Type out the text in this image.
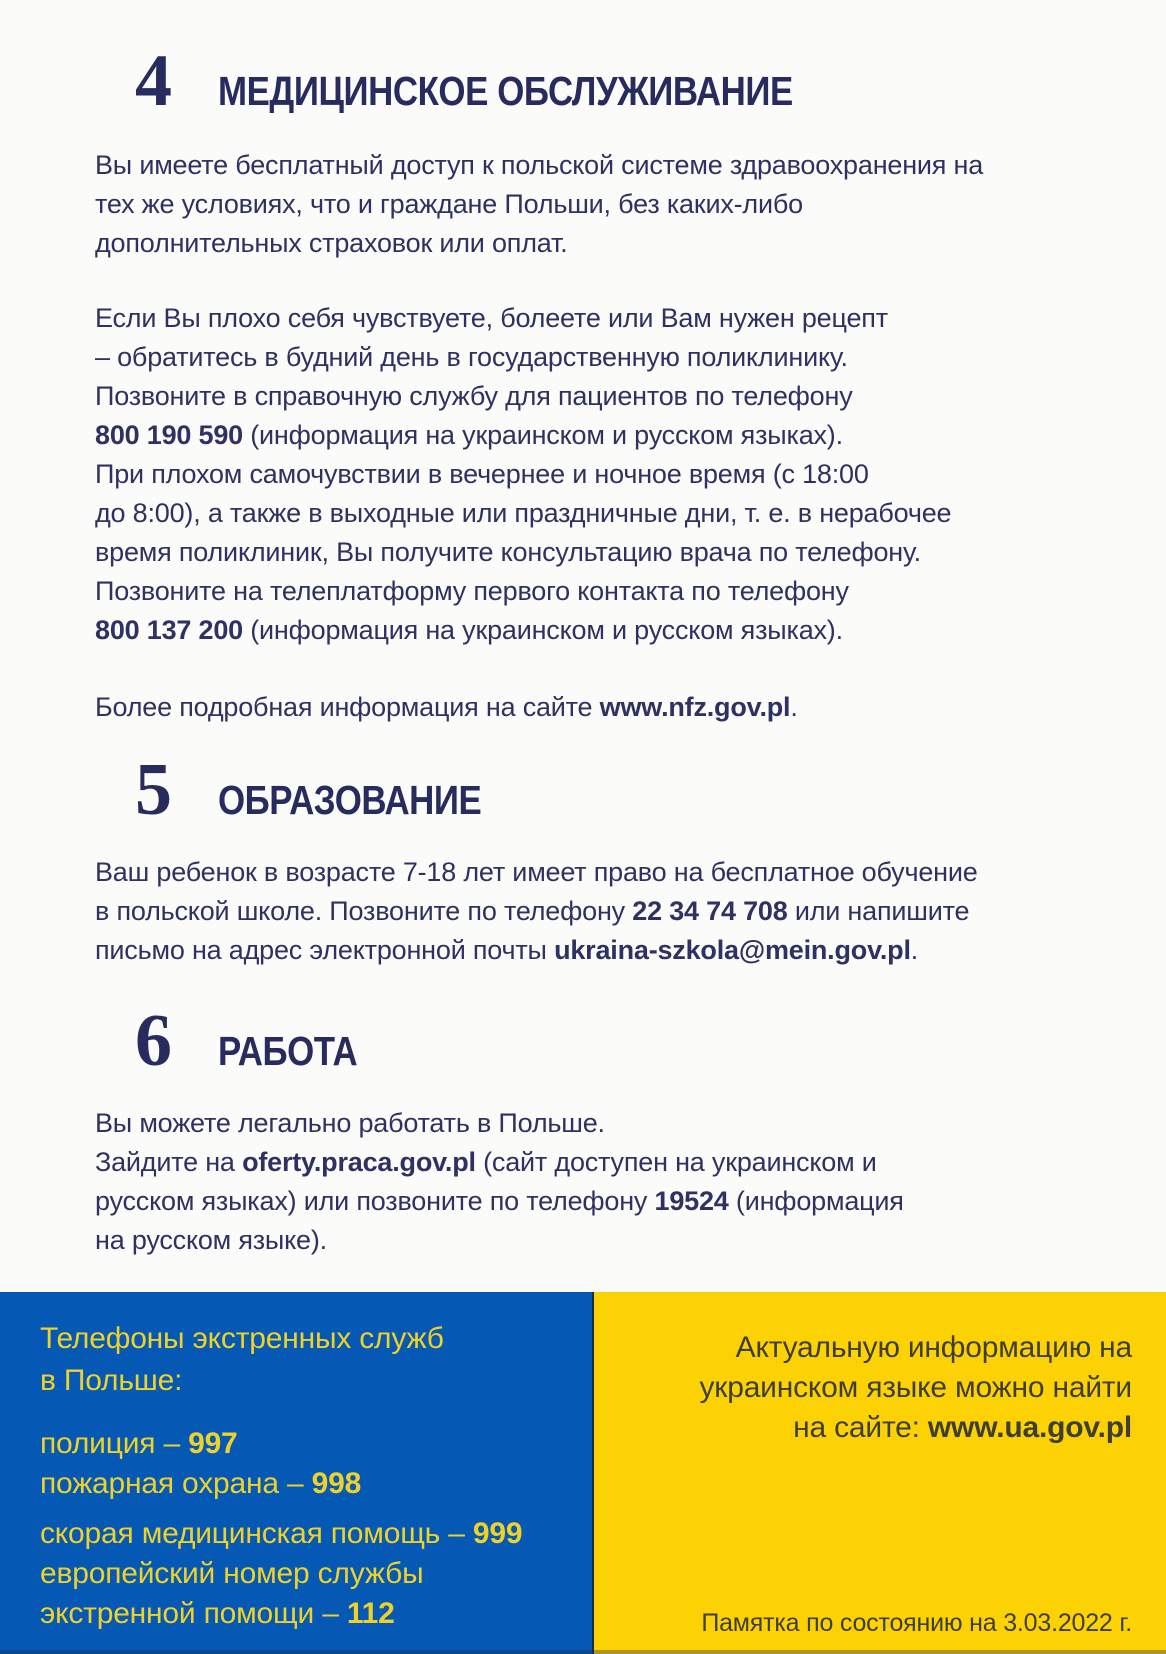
4 МЕДИЦИНСКОЕ ОБСЛУЖИВАНИЕ
Вы имеете бесплатный доступ к польской системе здравоохранения на
тех же условиях, что и граждане Польши, без каких-либо
дополнительных страховок или оплат.
Если Вы плохо себя чувствуете, болеете или Вам нужен рецепт
– обратитесь в будний день в государственную поликлинику.
Позвоните в справочную службу для пациентов по телефону
800 190 590 (информация на украинском и русском языках).
При плохом самочувствии в вечернее и ночное время (с 18:00
до 8:00), а также в выходные или праздничные дни, т. е. в нерабочее
время поликлиник, Вы получите консультацию врача по телефону.
Позвоните на телеплатформу первого контакта по телефону
800 137 200 (информация на украинском и русском языках).
Более подробная информация на сайте www.nfz.gov.pl.
5 ОБРАЗОВАНИЕ
Ваш ребенок в возрасте 7-18 лет имеет право на бесплатное обучение
в польской школе. Позвоните по телефону 22 34 74 708 или напишите
письмо на адрес электронной почты ukraina-szkola@mein.gov.pl.
6 РАБОТА
Вы можете легально работать в Польше.
Зайдите на oferty.praca.gov.pl (сайт доступен на украинском и
русском языках) или позвоните по телефону 19524 (информация
на русском языке).
Телефоны экстренных служб
в Польше:
полиция – 997
пожарная охрана – 998
скорая медицинская помощь – 999
европейский номер службы
экстренной помощи – 112
Актуальную информацию на
украинском языке можно найти
на сайте: www.ua.gov.pl
Памятка по состоянию на 3.03.2022 г.
